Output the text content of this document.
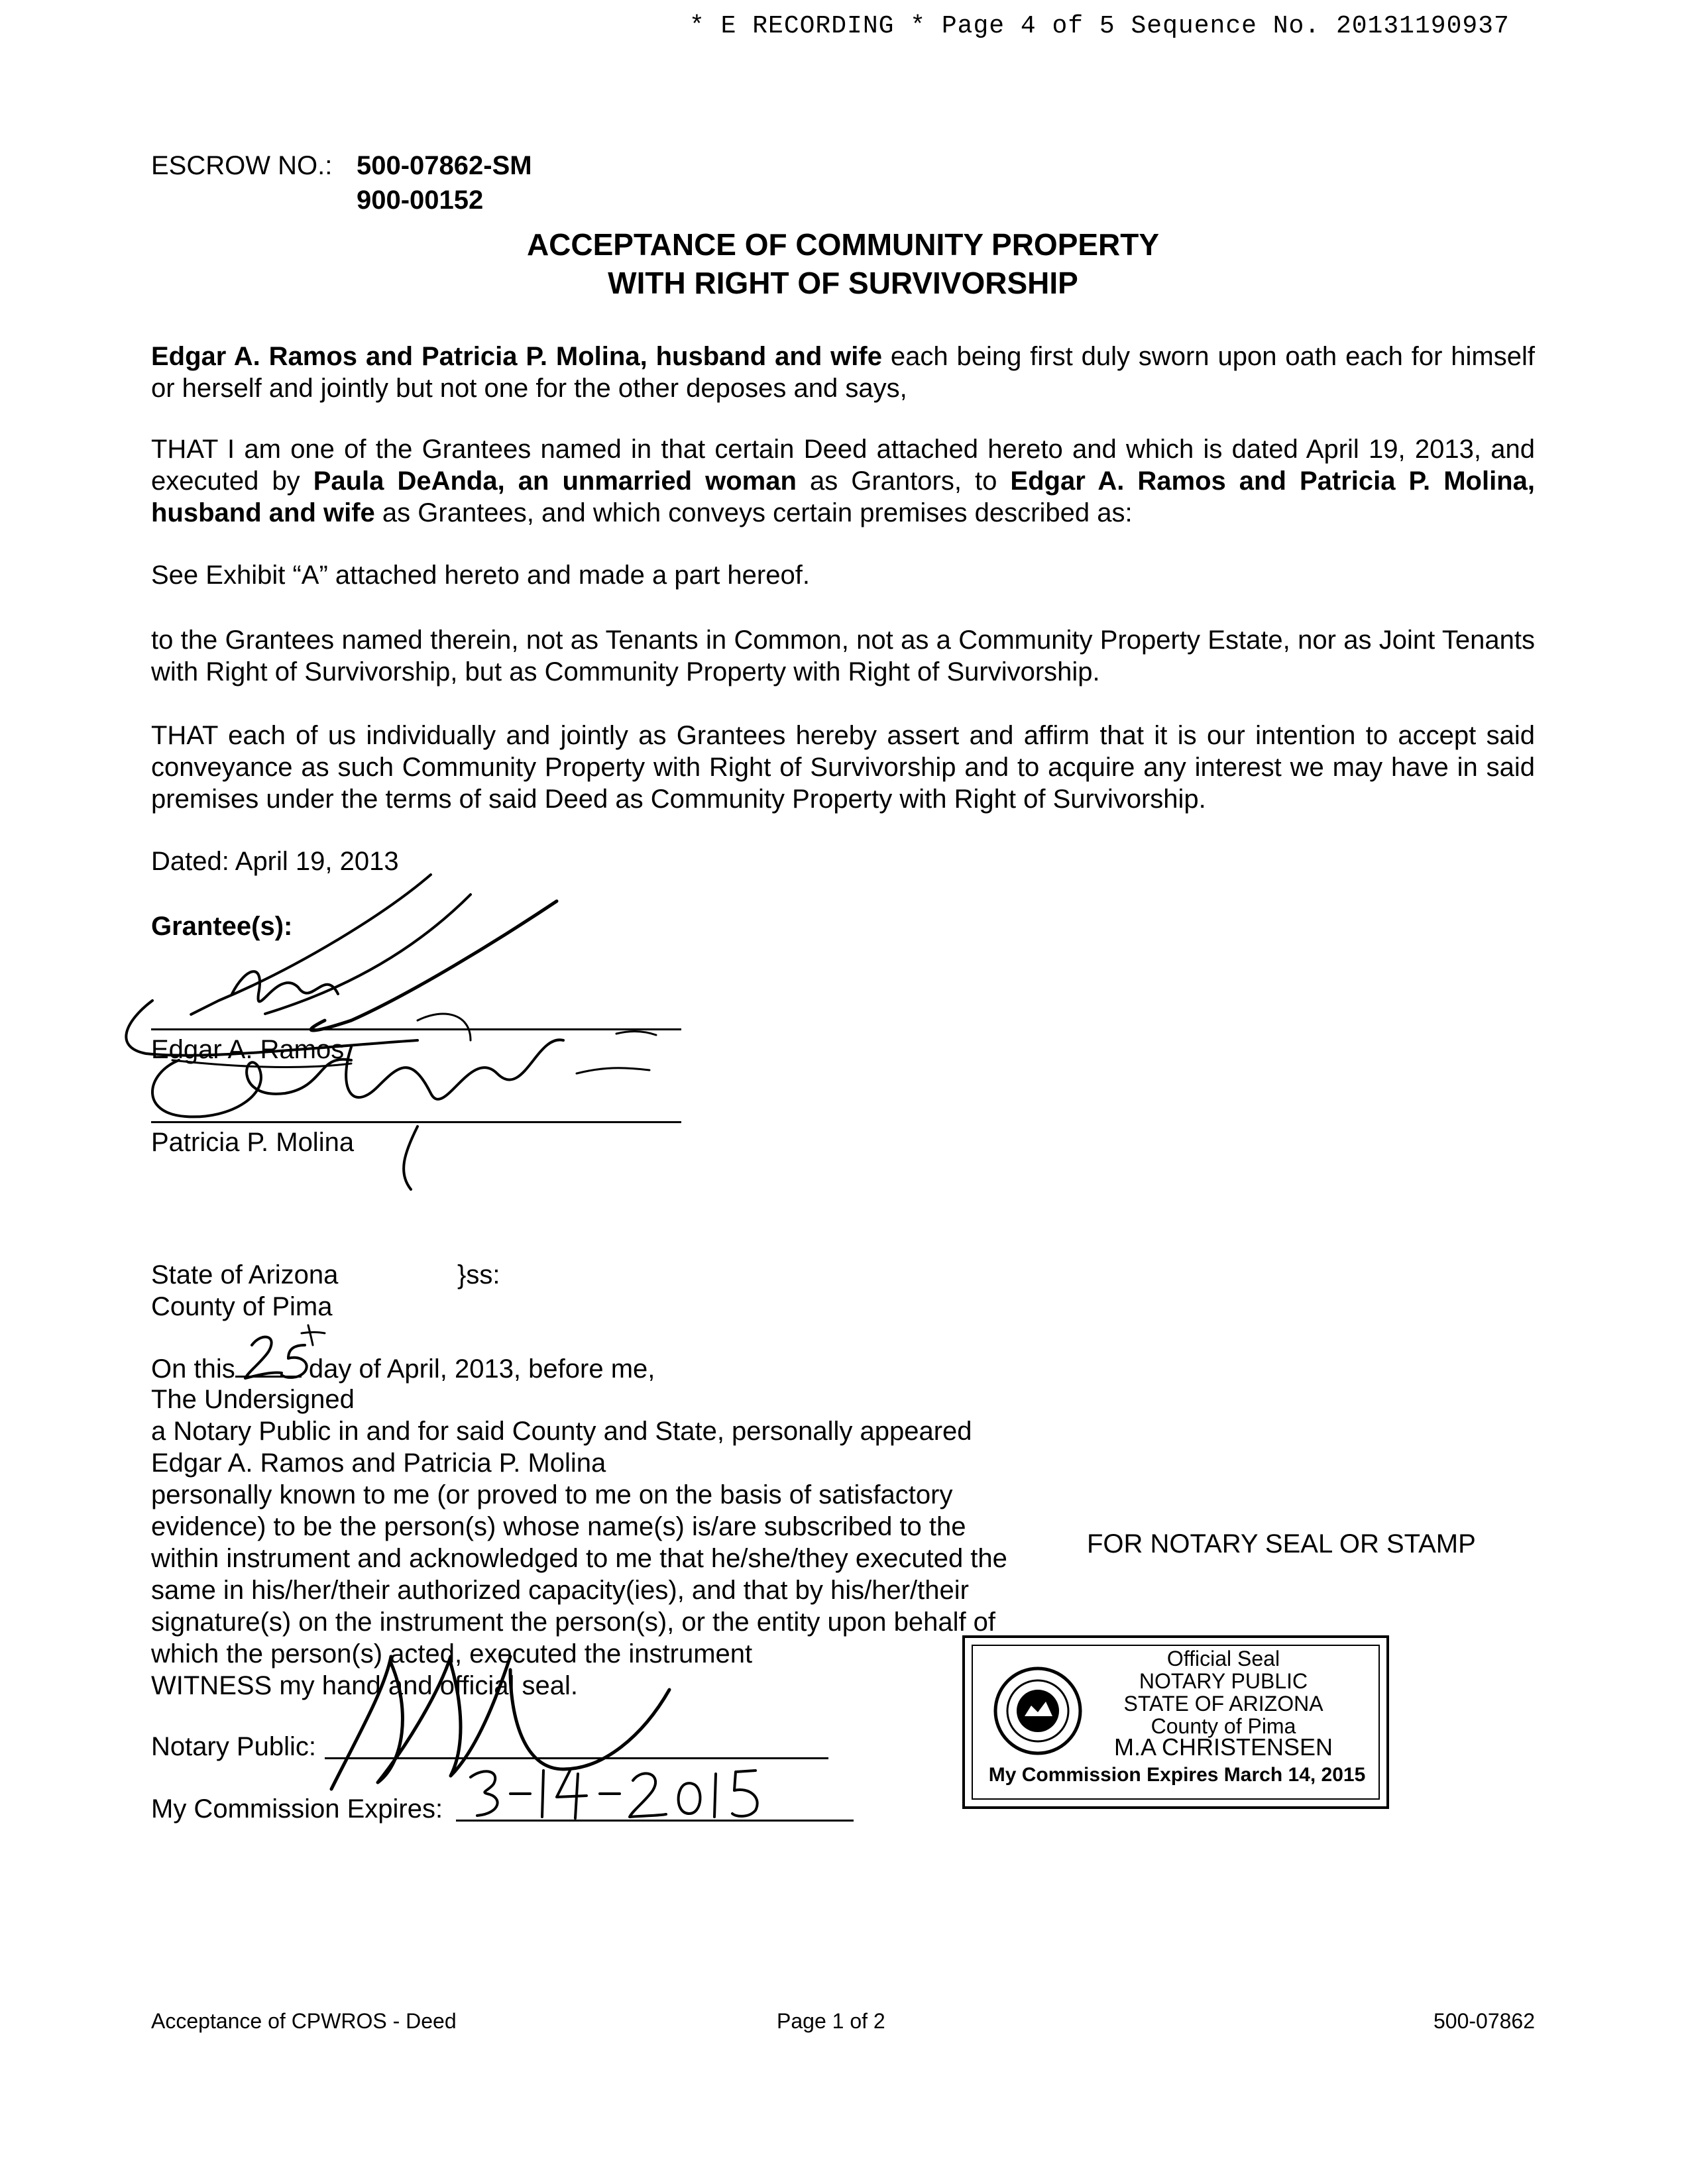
* E RECORDING * Page 4 of 5 Sequence No. 20131190937
ESCROW NO.: 500-07862-SM
900-00152
ACCEPTANCE OF COMMUNITY PROPERTY
WITH RIGHT OF SURVIVORSHIP
Edgar A. Ramos and Patricia P. Molina, husband and wife each being first duly sworn upon oath each for himself or herself and jointly but not one for the other deposes and says,
THAT I am one of the Grantees named in that certain Deed attached hereto and which is dated April 19, 2013, and executed by Paula DeAnda, an unmarried woman as Grantors, to Edgar A. Ramos and Patricia P. Molina, husband and wife as Grantees, and which conveys certain premises described as:
See Exhibit “A” attached hereto and made a part hereof.
to the Grantees named therein, not as Tenants in Common, not as a Community Property Estate, nor as Joint Tenants with Right of Survivorship, but as Community Property with Right of Survivorship.
THAT each of us individually and jointly as Grantees hereby assert and affirm that it is our intention to accept said conveyance as such Community Property with Right of Survivorship and to acquire any interest we may have in said premises under the terms of said Deed as Community Property with Right of Survivorship.
Dated: April 19, 2013
Grantee(s):
Edgar A. Ramos
Patricia P. Molina
State of Arizona	}ss:
County of Pima
On this	day of April, 2013, before me,
The Undersigned
a Notary Public in and for said County and State, personally appeared
Edgar A. Ramos and Patricia P. Molina
personally known to me (or proved to me on the basis of satisfactory
evidence) to be the person(s) whose name(s) is/are subscribed to the
within instrument and acknowledged to me that he/she/they executed the
same in his/her/their authorized capacity(ies), and that by his/her/their
signature(s) on the instrument the person(s), or the entity upon behalf of
which the person(s) acted, executed the instrument
WITNESS my hand and official seal.
Notary Public:
My Commission Expires:
FOR NOTARY SEAL OR STAMP
Official Seal
NOTARY PUBLIC
STATE OF ARIZONA
County of Pima
M.A CHRISTENSEN
My Commission Expires March 14, 2015
Acceptance of CPWROS - Deed	Page 1 of 2	500-07862
